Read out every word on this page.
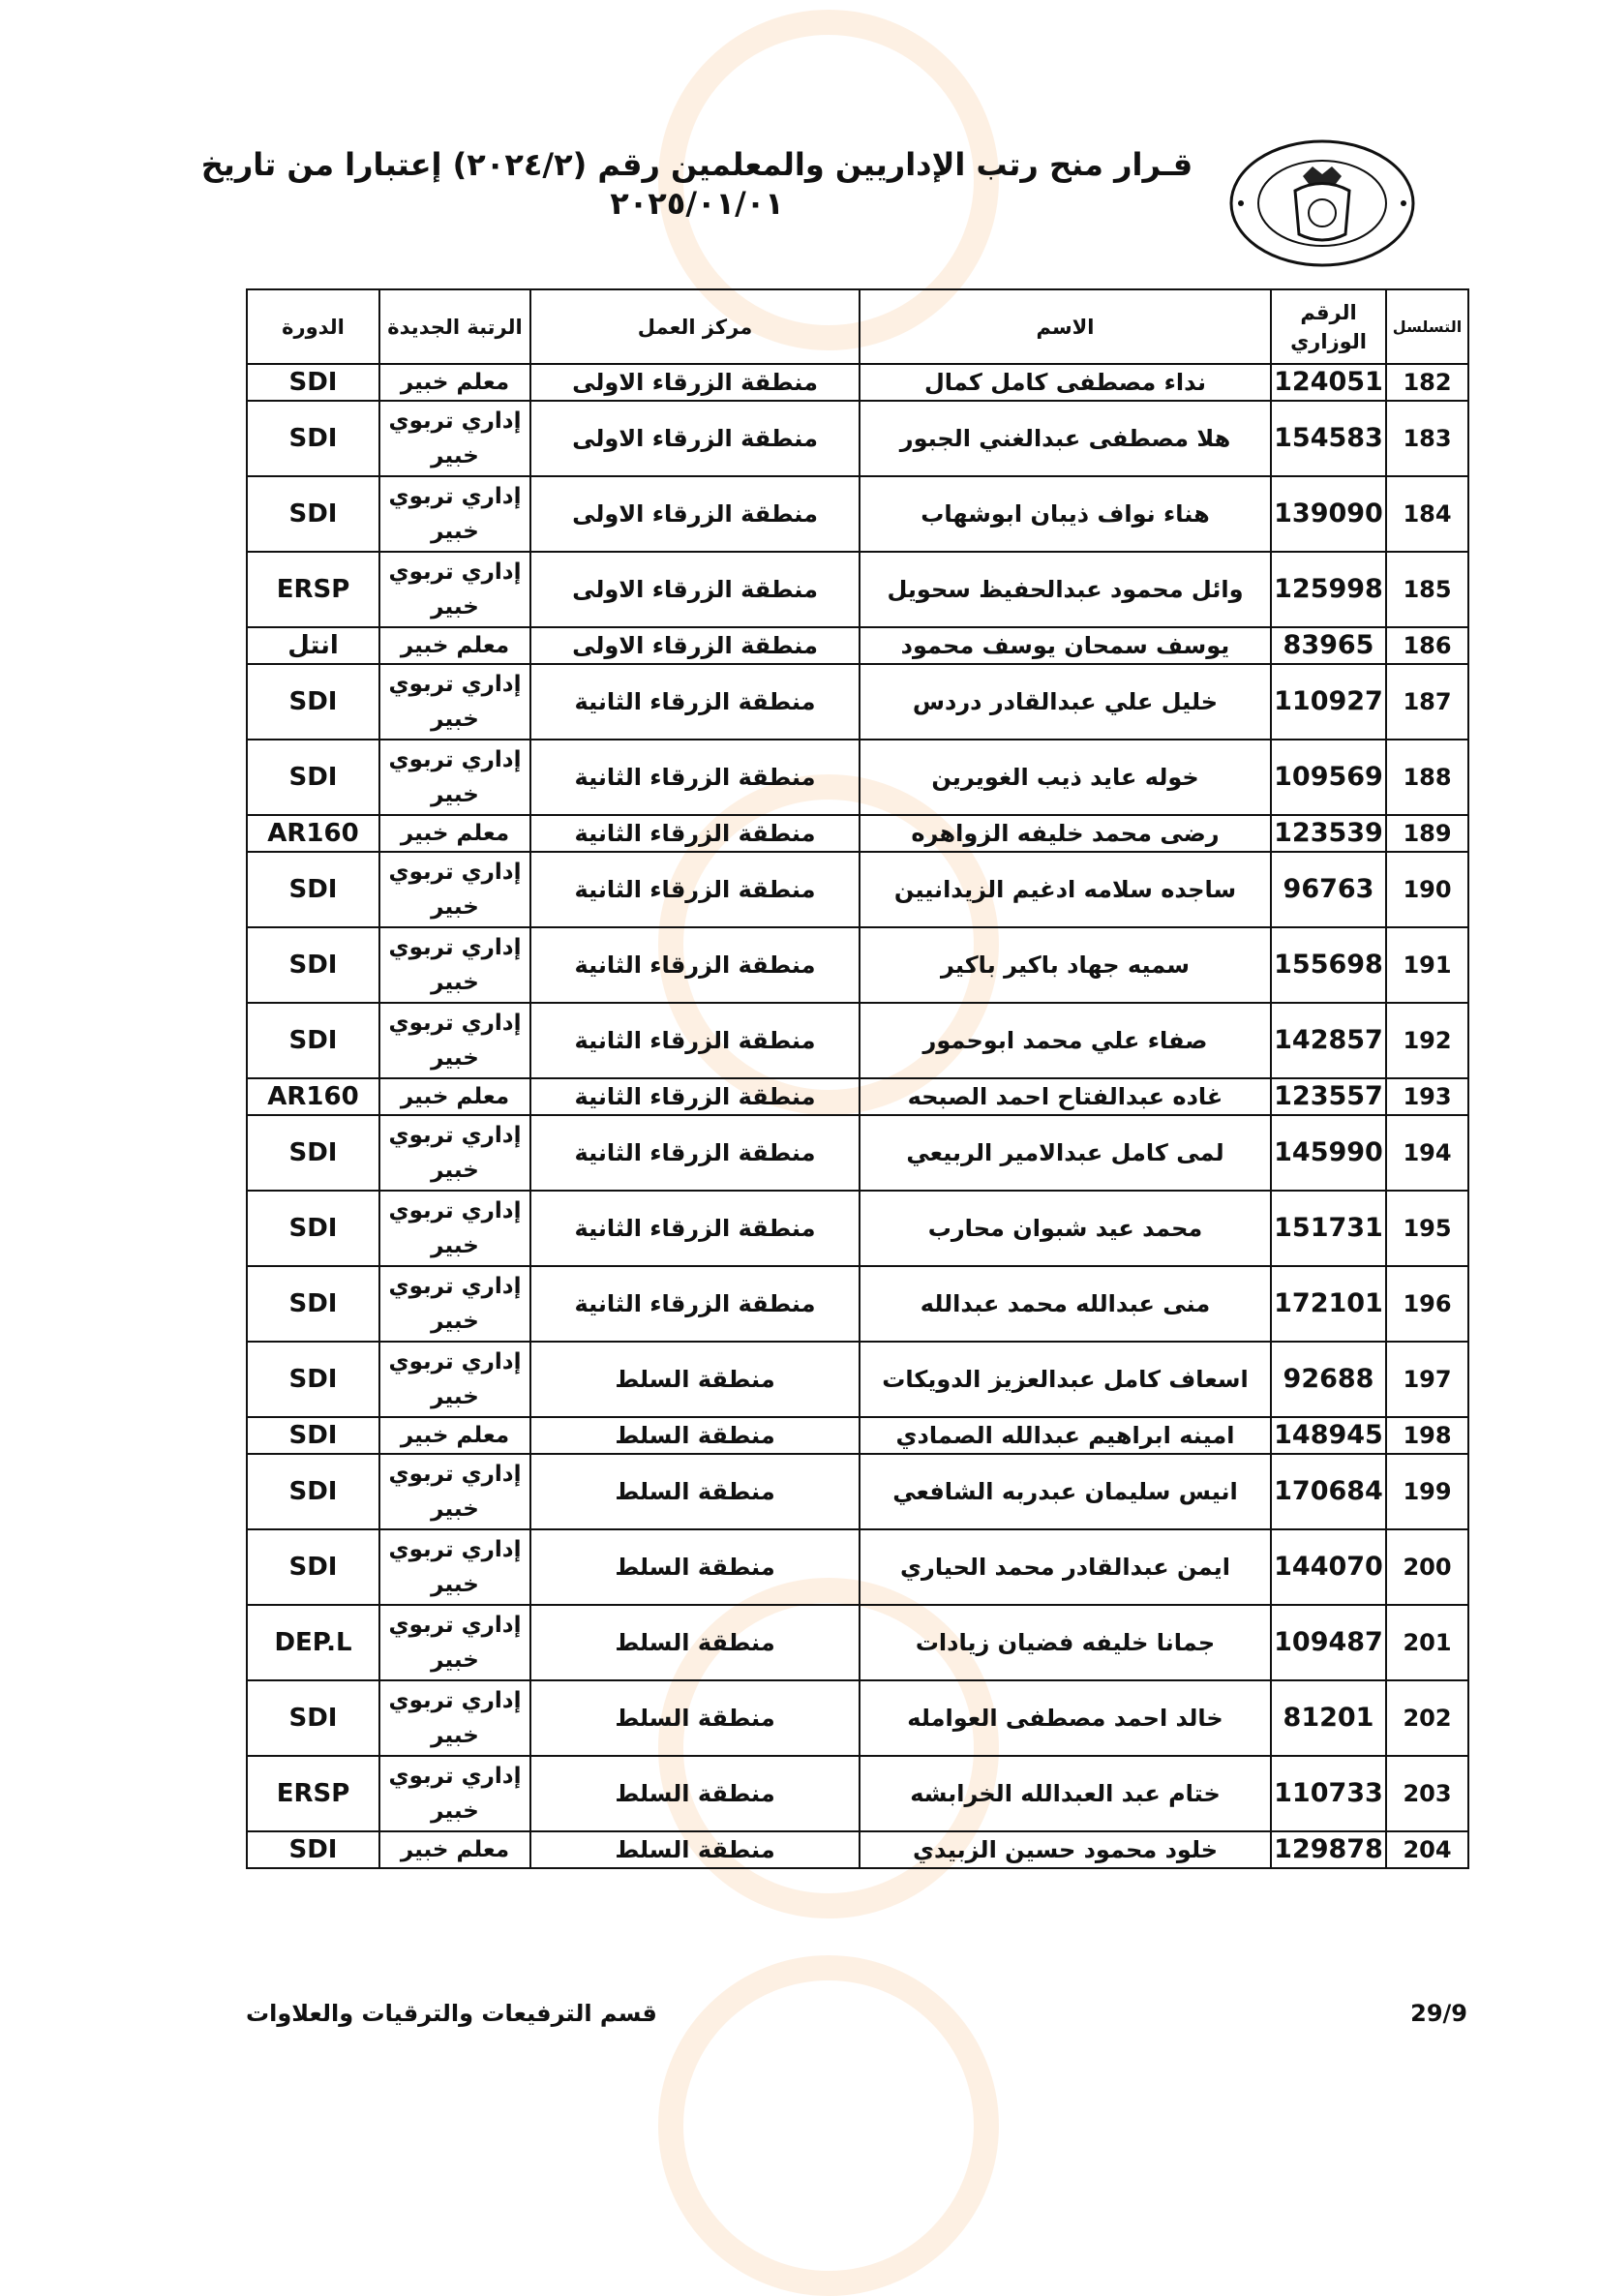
قـرار منح رتب الإداريين والمعلمين رقم (٢٠٢٤/٢) إعتبارا من تاريخ
٢٠٢٥/٠١/٠١
التسلسل	الرقم الوزاري	الاسم	مركز العمل	الرتبة الجديدة	الدورة
182	124051	نداء مصطفى كامل كمال	منطقة الزرقاء الاولى	معلم خبير	SDI
183	154583	هلا مصطفى عبدالغني الجبور	منطقة الزرقاء الاولى	إداري تربوي
خبير	SDI
184	139090	هناء نواف ذيبان ابوشهاب	منطقة الزرقاء الاولى	إداري تربوي
خبير	SDI
185	125998	وائل محمود عبدالحفيظ سحويل	منطقة الزرقاء الاولى	إداري تربوي
خبير	ERSP
186	83965	يوسف سمحان يوسف محمود	منطقة الزرقاء الاولى	معلم خبير	انتل
187	110927	خليل علي عبدالقادر دردس	منطقة الزرقاء الثانية	إداري تربوي
خبير	SDI
188	109569	خوله عايد ذيب الغويرين	منطقة الزرقاء الثانية	إداري تربوي
خبير	SDI
189	123539	رضى محمد خليفه الزواهره	منطقة الزرقاء الثانية	معلم خبير	AR160
190	96763	ساجده سلامه ادغيم الزيدانيين	منطقة الزرقاء الثانية	إداري تربوي
خبير	SDI
191	155698	سميه جهاد باكير باكير	منطقة الزرقاء الثانية	إداري تربوي
خبير	SDI
192	142857	صفاء علي محمد ابوحمور	منطقة الزرقاء الثانية	إداري تربوي
خبير	SDI
193	123557	غاده عبدالفتاح احمد الصبحه	منطقة الزرقاء الثانية	معلم خبير	AR160
194	145990	لمى كامل عبدالامير الربيعي	منطقة الزرقاء الثانية	إداري تربوي
خبير	SDI
195	151731	محمد عيد شبوان محارب	منطقة الزرقاء الثانية	إداري تربوي
خبير	SDI
196	172101	منى عبدالله محمد عبدالله	منطقة الزرقاء الثانية	إداري تربوي
خبير	SDI
197	92688	اسعاف كامل عبدالعزيز الدويكات	منطقة السلط	إداري تربوي
خبير	SDI
198	148945	امينه ابراهيم عبدالله الصمادي	منطقة السلط	معلم خبير	SDI
199	170684	انيس سليمان عبدربه الشافعي	منطقة السلط	إداري تربوي
خبير	SDI
200	144070	ايمن عبدالقادر محمد الحياري	منطقة السلط	إداري تربوي
خبير	SDI
201	109487	جمانا خليفه فضيان زيادات	منطقة السلط	إداري تربوي
خبير	DEP.L
202	81201	خالد احمد مصطفى العوامله	منطقة السلط	إداري تربوي
خبير	SDI
203	110733	ختام عبد العبدالله الخرابشه	منطقة السلط	إداري تربوي
خبير	ERSP
204	129878	خلود محمود حسين الزبيدي	منطقة السلط	معلم خبير	SDI
29/9
قسم الترفيعات والترقيات والعلاوات
